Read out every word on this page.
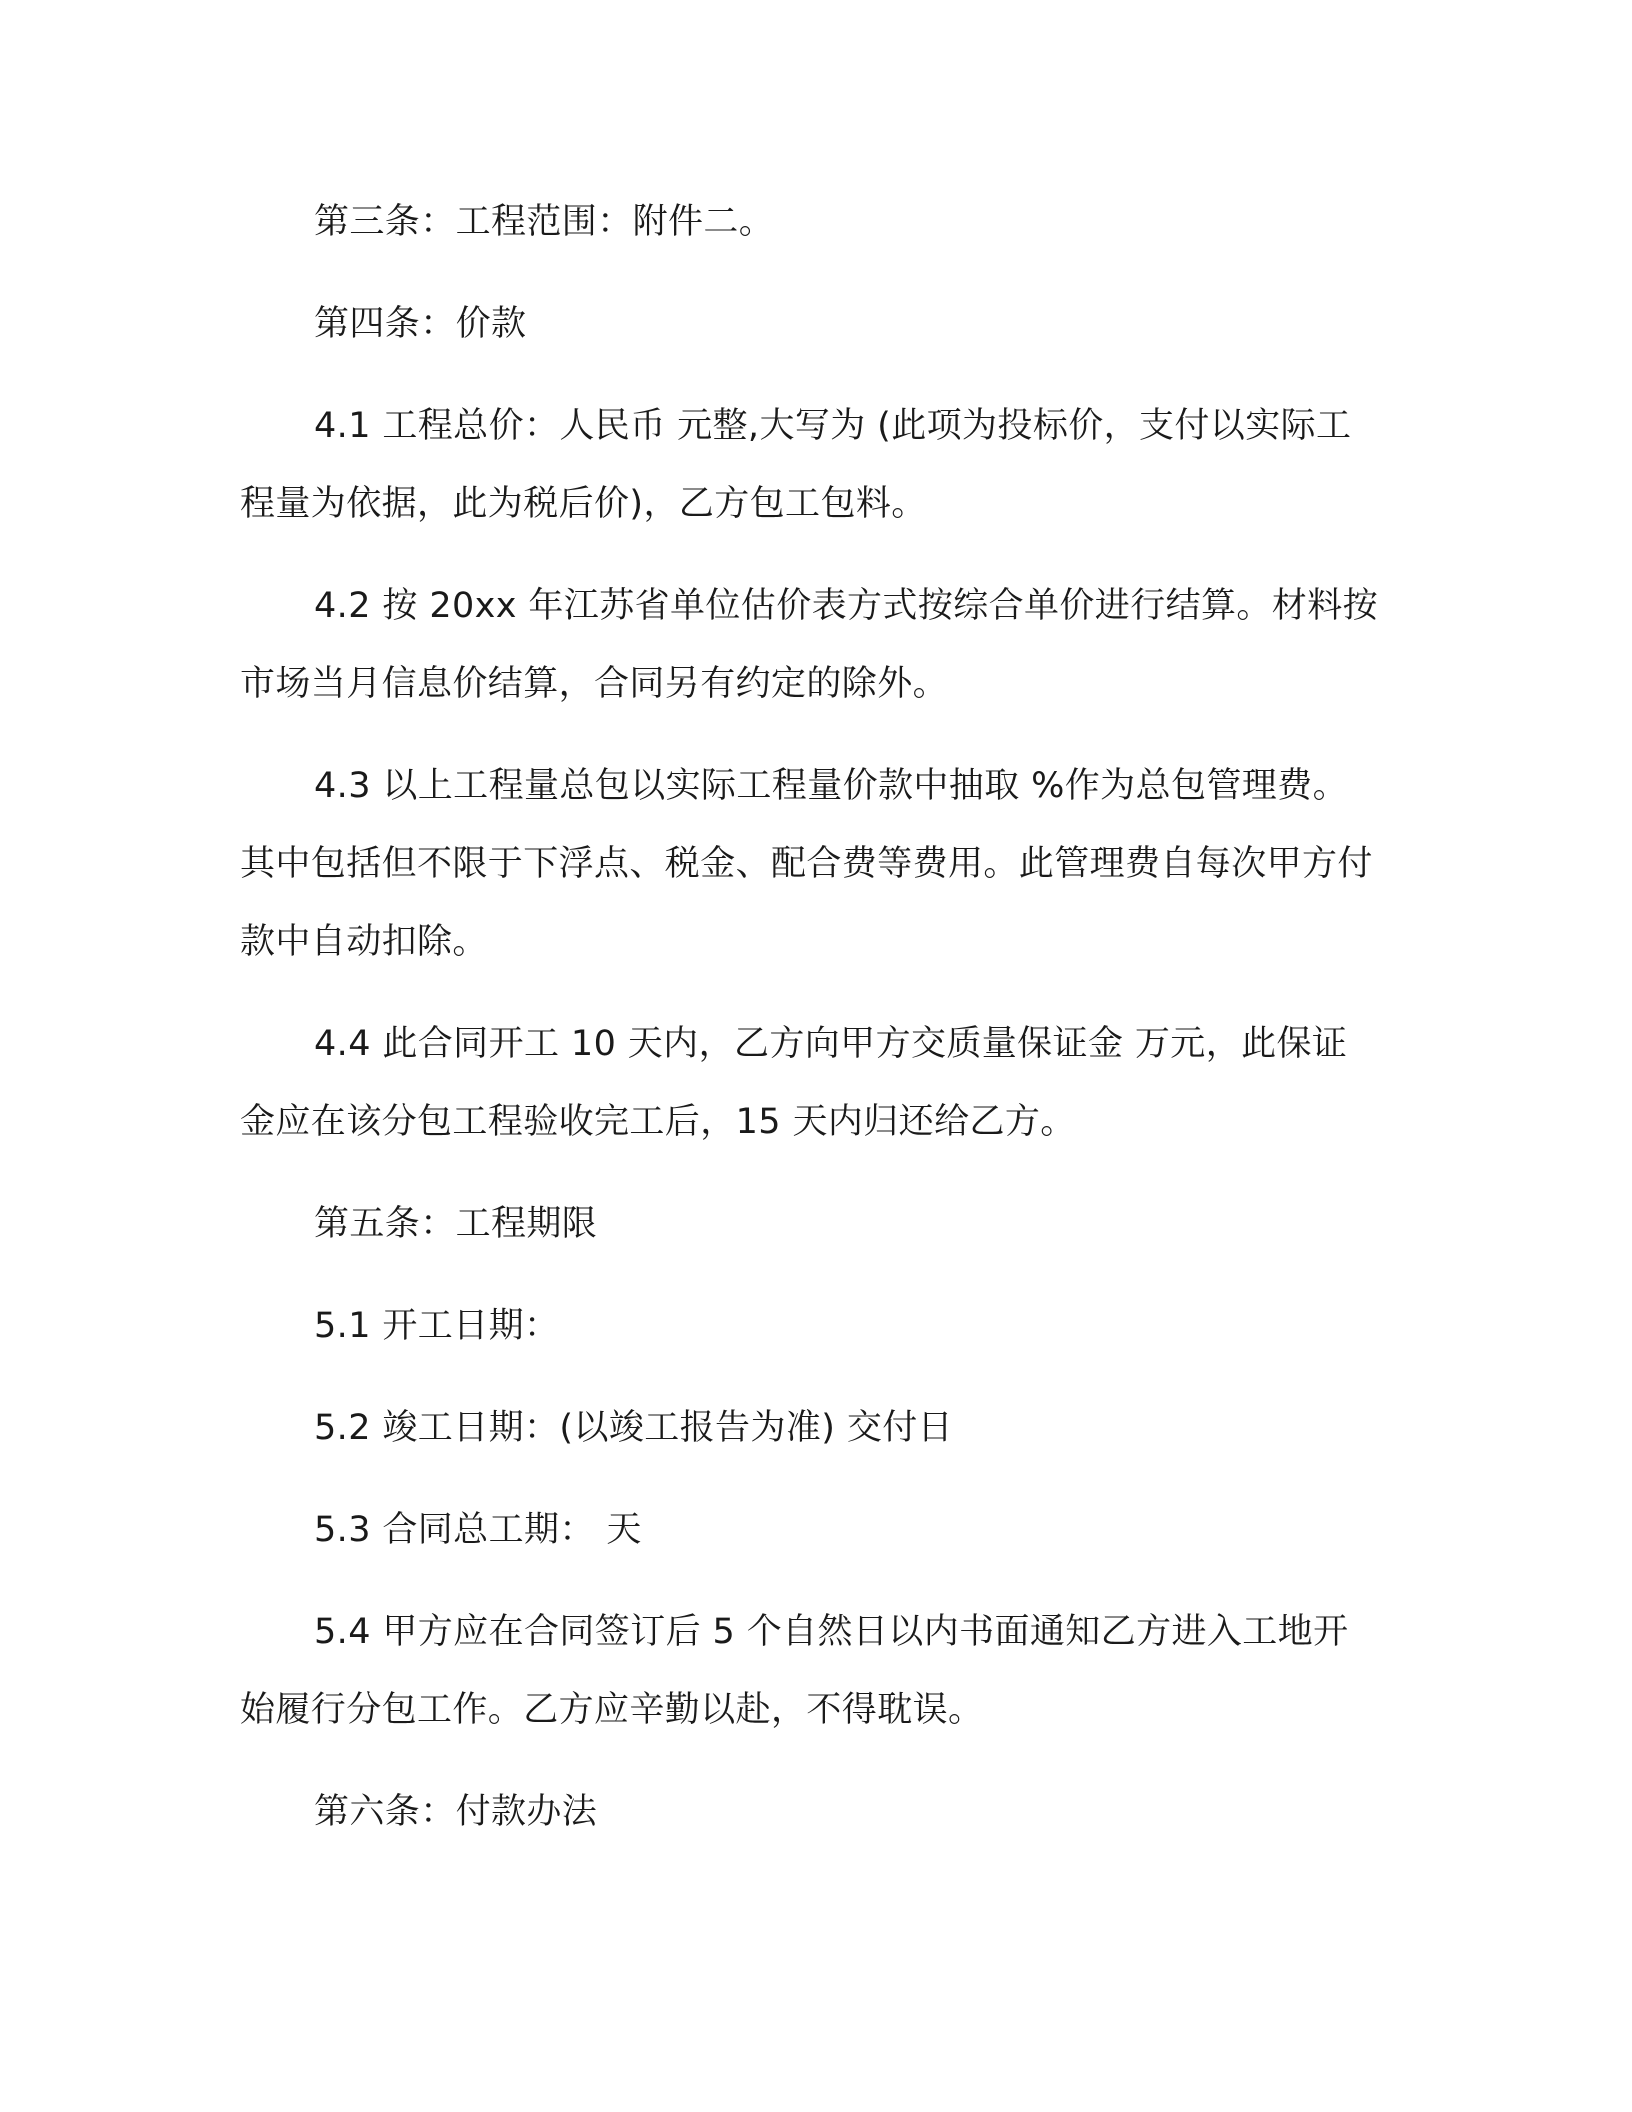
第三条：工程范围：附件二。

第四条：价款

4.1 工程总价：人民币 元整,大写为 (此项为投标价，支付以实际工程量为依据，此为税后价)，乙方包工包料。

4.2 按 20xx 年江苏省单位估价表方式按综合单价进行结算。材料按市场当月信息价结算，合同另有约定的除外。

4.3 以上工程量总包以实际工程量价款中抽取 %作为总包管理费。其中包括但不限于下浮点、税金、配合费等费用。此管理费自每次甲方付款中自动扣除。

4.4 此合同开工 10 天内，乙方向甲方交质量保证金 万元，此保证金应在该分包工程验收完工后，15 天内归还给乙方。

第五条：工程期限

5.1 开工日期：

5.2 竣工日期：(以竣工报告为准) 交付日

5.3 合同总工期： 天

5.4 甲方应在合同签订后 5 个自然日以内书面通知乙方进入工地开始履行分包工作。乙方应辛勤以赴，不得耽误。

第六条：付款办法
